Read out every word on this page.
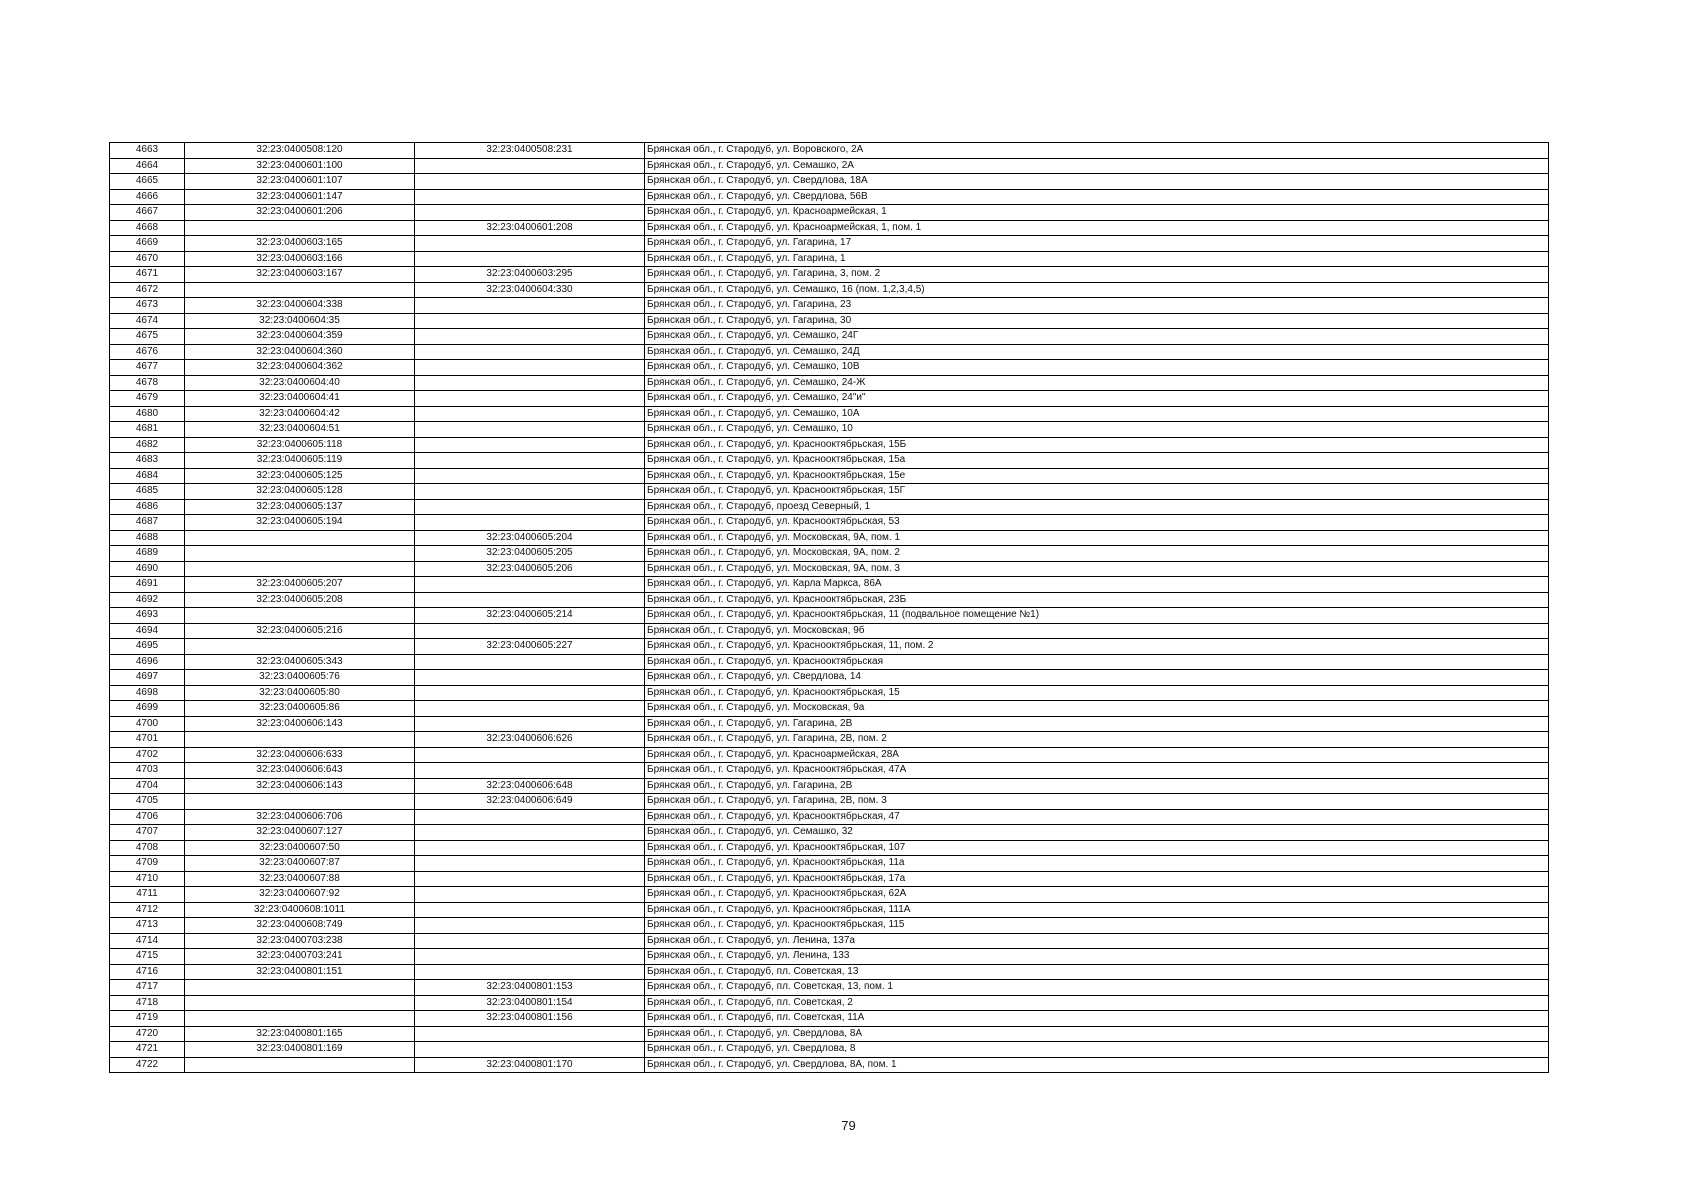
4663	32:23:0400508:120	32:23:0400508:231	Брянская обл., г. Стародуб, ул. Воровского, 2А
4664	32:23:0400601:100		Брянская обл., г. Стародуб, ул. Семашко, 2А
4665	32:23:0400601:107		Брянская обл., г. Стародуб, ул. Свердлова, 18А
4666	32:23:0400601:147		Брянская обл., г. Стародуб, ул. Свердлова, 56В
4667	32:23:0400601:206		Брянская обл., г. Стародуб, ул. Красноармейская, 1
4668		32:23:0400601:208	Брянская обл., г. Стародуб, ул. Красноармейская, 1, пом. 1
4669	32:23:0400603:165		Брянская обл., г. Стародуб, ул. Гагарина, 17
4670	32:23:0400603:166		Брянская обл., г. Стародуб, ул. Гагарина, 1
4671	32:23:0400603:167	32:23:0400603:295	Брянская обл., г. Стародуб, ул. Гагарина, 3, пом. 2
4672		32:23:0400604:330	Брянская обл., г. Стародуб, ул. Семашко, 16 (пом. 1,2,3,4,5)
4673	32:23:0400604:338		Брянская обл., г. Стародуб, ул. Гагарина, 23
4674	32:23:0400604:35		Брянская обл., г. Стародуб, ул. Гагарина, 30
4675	32:23:0400604:359		Брянская обл., г. Стародуб, ул. Семашко, 24Г
4676	32:23:0400604:360		Брянская обл., г. Стародуб, ул. Семашко, 24Д
4677	32:23:0400604:362		Брянская обл., г. Стародуб, ул. Семашко, 10В
4678	32:23:0400604:40		Брянская обл., г. Стародуб, ул. Семашко, 24-Ж
4679	32:23:0400604:41		Брянская обл., г. Стародуб, ул. Семашко, 24"и"
4680	32:23:0400604:42		Брянская обл., г. Стародуб, ул. Семашко, 10А
4681	32:23:0400604:51		Брянская обл., г. Стародуб, ул. Семашко, 10
4682	32:23:0400605:118		Брянская обл., г. Стародуб, ул. Краснооктябрьская, 15Б
4683	32:23:0400605:119		Брянская обл., г. Стародуб, ул. Краснооктябрьская, 15а
4684	32:23:0400605:125		Брянская обл., г. Стародуб, ул. Краснооктябрьская, 15е
4685	32:23:0400605:128		Брянская обл., г. Стародуб, ул. Краснооктябрьская, 15Г
4686	32:23:0400605:137		Брянская обл., г. Стародуб, проезд Северный, 1
4687	32:23:0400605:194		Брянская обл., г. Стародуб, ул. Краснооктябрьская, 53
4688		32:23:0400605:204	Брянская обл., г. Стародуб, ул. Московская, 9А, пом. 1
4689		32:23:0400605:205	Брянская обл., г. Стародуб, ул. Московская, 9А, пом. 2
4690		32:23:0400605:206	Брянская обл., г. Стародуб, ул. Московская, 9А, пом. 3
4691	32:23:0400605:207		Брянская обл., г. Стародуб, ул. Карла Маркса, 86А
4692	32:23:0400605:208		Брянская обл., г. Стародуб, ул. Краснооктябрьская, 23Б
4693		32:23:0400605:214	Брянская обл., г. Стародуб, ул. Краснооктябрьская, 11 (подвальное помещение №1)
4694	32:23:0400605:216		Брянская обл., г. Стародуб, ул. Московская, 9б
4695		32:23:0400605:227	Брянская обл., г. Стародуб, ул. Краснооктябрьская, 11, пом. 2
4696	32:23:0400605:343		Брянская обл., г. Стародуб, ул. Краснооктябрьская
4697	32:23:0400605:76		Брянская обл., г. Стародуб, ул. Свердлова, 14
4698	32:23:0400605:80		Брянская обл., г. Стародуб, ул. Краснооктябрьская, 15
4699	32:23:0400605:86		Брянская обл., г. Стародуб, ул. Московская, 9а
4700	32:23:0400606:143		Брянская обл., г. Стародуб, ул. Гагарина, 2В
4701		32:23:0400606:626	Брянская обл., г. Стародуб, ул. Гагарина, 2В, пом. 2
4702	32:23:0400606:633		Брянская обл., г. Стародуб, ул. Красноармейская, 28А
4703	32:23:0400606:643		Брянская обл., г. Стародуб, ул. Краснооктябрьская, 47А
4704	32:23:0400606:143	32:23:0400606:648	Брянская обл., г. Стародуб, ул. Гагарина, 2В
4705		32:23:0400606:649	Брянская обл., г. Стародуб, ул. Гагарина, 2В, пом. 3
4706	32:23:0400606:706		Брянская обл., г. Стародуб, ул. Краснооктябрьская, 47
4707	32:23:0400607:127		Брянская обл., г. Стародуб, ул. Семашко, 32
4708	32:23:0400607:50		Брянская обл., г. Стародуб, ул. Краснооктябрьская, 107
4709	32:23:0400607:87		Брянская обл., г. Стародуб, ул. Краснооктябрьская, 11а
4710	32:23:0400607:88		Брянская обл., г. Стародуб, ул. Краснооктябрьская, 17а
4711	32:23:0400607:92		Брянская обл., г. Стародуб, ул. Краснооктябрьская, 62А
4712	32:23:0400608:1011		Брянская обл., г. Стародуб, ул. Краснооктябрьская, 111А
4713	32:23:0400608:749		Брянская обл., г. Стародуб, ул. Краснооктябрьская, 115
4714	32:23:0400703:238		Брянская обл., г. Стародуб, ул. Ленина, 137а
4715	32:23:0400703:241		Брянская обл., г. Стародуб, ул. Ленина, 133
4716	32:23:0400801:151		Брянская обл., г. Стародуб, пл. Советская, 13
4717		32:23:0400801:153	Брянская обл., г. Стародуб, пл. Советская, 13, пом. 1
4718		32:23:0400801:154	Брянская обл., г. Стародуб, пл. Советская, 2
4719		32:23:0400801:156	Брянская обл., г. Стародуб, пл. Советская, 11А
4720	32:23:0400801:165		Брянская обл., г. Стародуб, ул. Свердлова, 8А
4721	32:23:0400801:169		Брянская обл., г. Стародуб, ул. Свердлова, 8
4722		32:23:0400801:170	Брянская обл., г. Стародуб, ул. Свердлова, 8А, пом. 1
79
